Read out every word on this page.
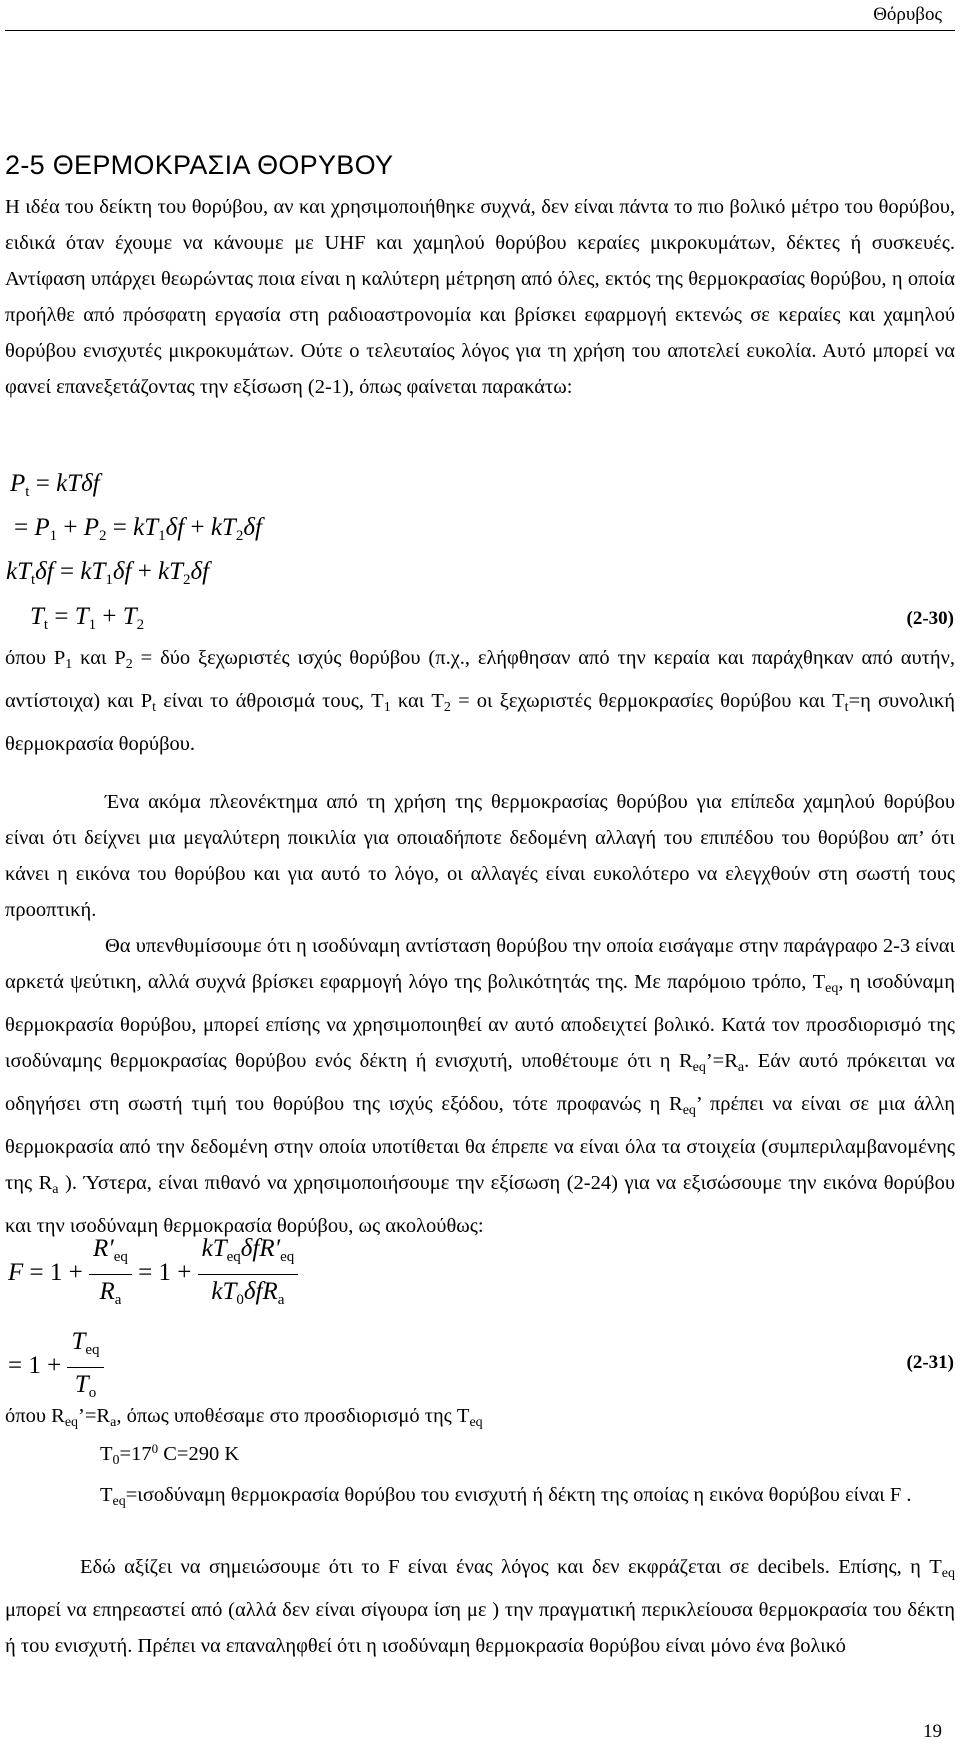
Θόρυβος
2-5 ΘΕΡΜΟΚΡΑΣΙΑ ΘΟΡΥΒΟΥ

Η ιδέα του δείκτη του θορύβου, αν και χρησιμοποιήθηκε συχνά, δεν είναι πάντα το πιο βολικό μέτρο του θορύβου, ειδικά όταν έχουμε να κάνουμε με UHF και χαμηλού θορύβου κεραίες μικροκυμάτων, δέκτες ή συσκευές. Αντίφαση υπάρχει θεωρώντας ποια είναι η καλύτερη μέτρηση από όλες, εκτός της θερμοκρασίας θορύβου, η οποία προήλθε από πρόσφατη εργασία στη ραδιοαστρονομία και βρίσκει εφαρμογή εκτενώς σε κεραίες και χαμηλού θορύβου ενισχυτές μικροκυμάτων. Ούτε ο τελευταίος λόγος για τη χρήση του αποτελεί ευκολία. Αυτό μπορεί να φανεί επανεξετάζοντας την εξίσωση (2-1), όπως φαίνεται παρακάτω:

$P_t = kT\delta f$
= $P_1 + P_2 = kT_1\delta f + kT_2\delta f$
$kT_t\delta f = kT_1\delta f + kT_2\delta f$
$T_t = T_1 + T_2$	(2-30)

όπου $P_1$ και $P_2 = \delta ύo$ ξεχωριστές ισχύς θορύβου (π.χ., ελήφθησαν από την κεραία και παράχθηκαν από αυτήν, αντίστοιχα) και $P_t$ είναι το άθροισμά τους, $T_1$ και $T_2 = o\iota$ ξεχωριστές θερμοκρασίες θορύβου και $T_t=\eta$ συνολική θερμοκρασία θορύβου.

Ένα ακόμα πλεονέκτημα από τη χρήση της θερμοκρασίας θορύβου για επίπεδα χαμηλού θορύβου είναι ότι δείχνει μια μεγαλύτερη ποικιλία για οποιαδήποτε δεδομένη αλλαγή του επιπέδου του θορύβου απ’ ότι κάνει η εικόνα του θορύβου και για αυτό το λόγο, οι αλλαγές είναι ευκολότερο να ελεγχθούν στη σωστή τους προοπτική.

Θα υπενθυμίσουμε ότι η ισοδύναμη αντίσταση θορύβου την οποία εισάγαμε στην παράγραφο 2-3 είναι αρκετά ψεύτικη, αλλά συχνά βρίσκει εφαρμογή λόγο της βολικότητάς της. Με παρόμοιο τρόπο, $T_{eq}$, η ισοδύναμη θερμοκρασία θορύβου, μπορεί επίσης να χρησιμοποιηθεί αν αυτό αποδειχτεί βολικό. Κατά τον προσδιορισμό της ισοδύναμης θερμοκρασίας θορύβου ενός δέκτη ή ενισχυτή, υποθέτουμε ότι η $R_{eq}’=R_a$. Εάν αυτό πρόκειται να οδηγήσει στη σωστή τιμή του θορύβου της ισχύς εξόδου, τότε προφανώς η $R_{eq}$’ πρέπει να είναι σε μια άλλη θερμοκρασία από την δεδομένη στην οποία υποτίθεται θα έπρεπε να είναι όλα τα στοιχεία (συμπεριλαμβανομένης της $R_a$ ). Ύστερα, είναι πιθανό να χρησιμοποιήσουμε την εξίσωση (2-24) για να εξισώσουμε την εικόνα θορύβου και την ισοδύναμη θερμοκρασία θορύβου, ως ακολούθως:

$F = 1 + \frac{R'_{eq}}{R_a} = 1 + \frac{kT_{eq}\delta fR'_{eq}}{kT_0\delta fR_a}$
= $1 + \frac{T_{eq}}{T_o}$	(2-31)
όπου $R_{eq}’=R_a$, όπως υποθέσαμε στο προσδιορισμό της $T_{eq}$
$T_0=17^0$ C=290 K

$T_{eq}=\iota\sigma o\delta ύ\nu\alpha\mu\eta$ θερμοκρασία θορύβου του ενισχυτή ή δέκτη της οποίας η εικόνα θορύβου είναι F .

Εδώ αξίζει να σημειώσουμε ότι το F είναι ένας λόγος και δεν εκφράζεται σε decibels. Επίσης, η $T_{eq}$ μπορεί να επηρεαστεί από (αλλά δεν είναι σίγουρα ίση με ) την πραγματική περικλείουσα θερμοκρασία του δέκτη ή του ενισχυτή. Πρέπει να επαναληφθεί ότι η ισοδύναμη θερμοκρασία θορύβου είναι μόνο ένα βολικό

19
